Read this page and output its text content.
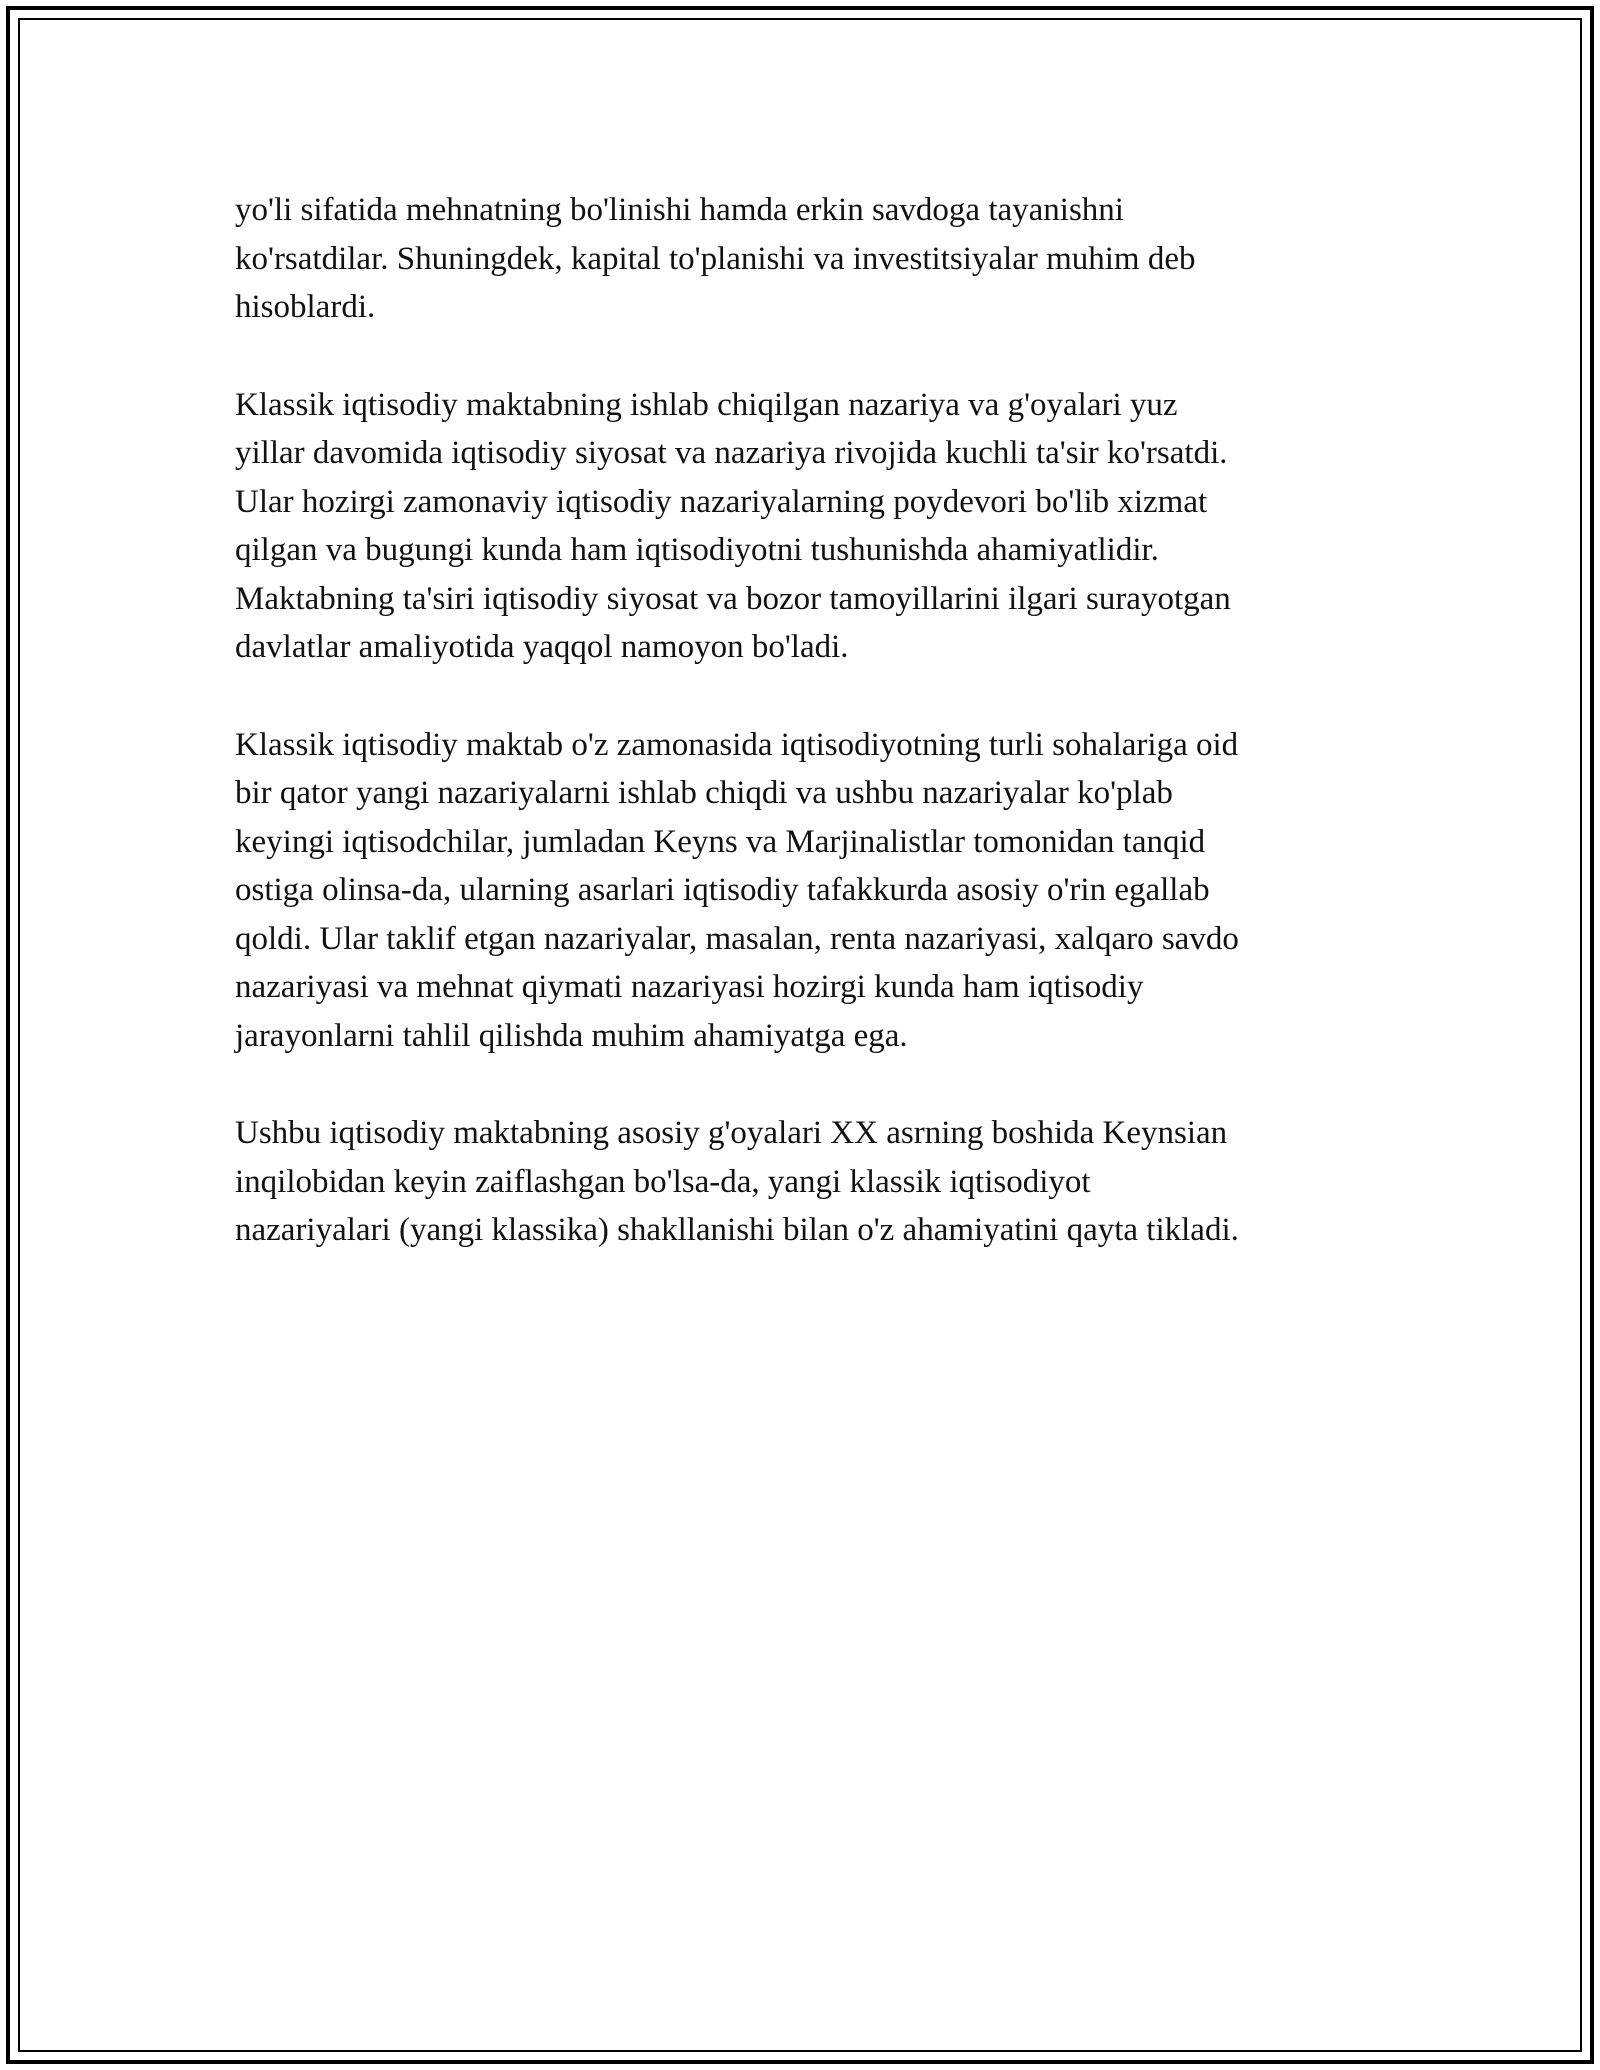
yo'li sifatida mehnatning bo'linishi hamda erkin savdoga tayanishni
ko'rsatdilar. Shuningdek, kapital to'planishi va investitsiyalar muhim deb
hisoblardi.

Klassik iqtisodiy maktabning ishlab chiqilgan nazariya va g'oyalari yuz
yillar davomida iqtisodiy siyosat va nazariya rivojida kuchli ta'sir ko'rsatdi.
Ular hozirgi zamonaviy iqtisodiy nazariyalarning poydevori bo'lib xizmat
qilgan va bugungi kunda ham iqtisodiyotni tushunishda ahamiyatlidir.
Maktabning ta'siri iqtisodiy siyosat va bozor tamoyillarini ilgari surayotgan
davlatlar amaliyotida yaqqol namoyon bo'ladi.

Klassik iqtisodiy maktab o'z zamonasida iqtisodiyotning turli sohalariga oid
bir qator yangi nazariyalarni ishlab chiqdi va ushbu nazariyalar ko'plab
keyingi iqtisodchilar, jumladan Keyns va Marjinalistlar tomonidan tanqid
ostiga olinsa-da, ularning asarlari iqtisodiy tafakkurda asosiy o'rin egallab
qoldi. Ular taklif etgan nazariyalar, masalan, renta nazariyasi, xalqaro savdo
nazariyasi va mehnat qiymati nazariyasi hozirgi kunda ham iqtisodiy
jarayonlarni tahlil qilishda muhim ahamiyatga ega.

Ushbu iqtisodiy maktabning asosiy g'oyalari XX asrning boshida Keynsian
inqilobidan keyin zaiflashgan bo'lsa-da, yangi klassik iqtisodiyot
nazariyalari (yangi klassika) shakllanishi bilan o'z ahamiyatini qayta tikladi.
